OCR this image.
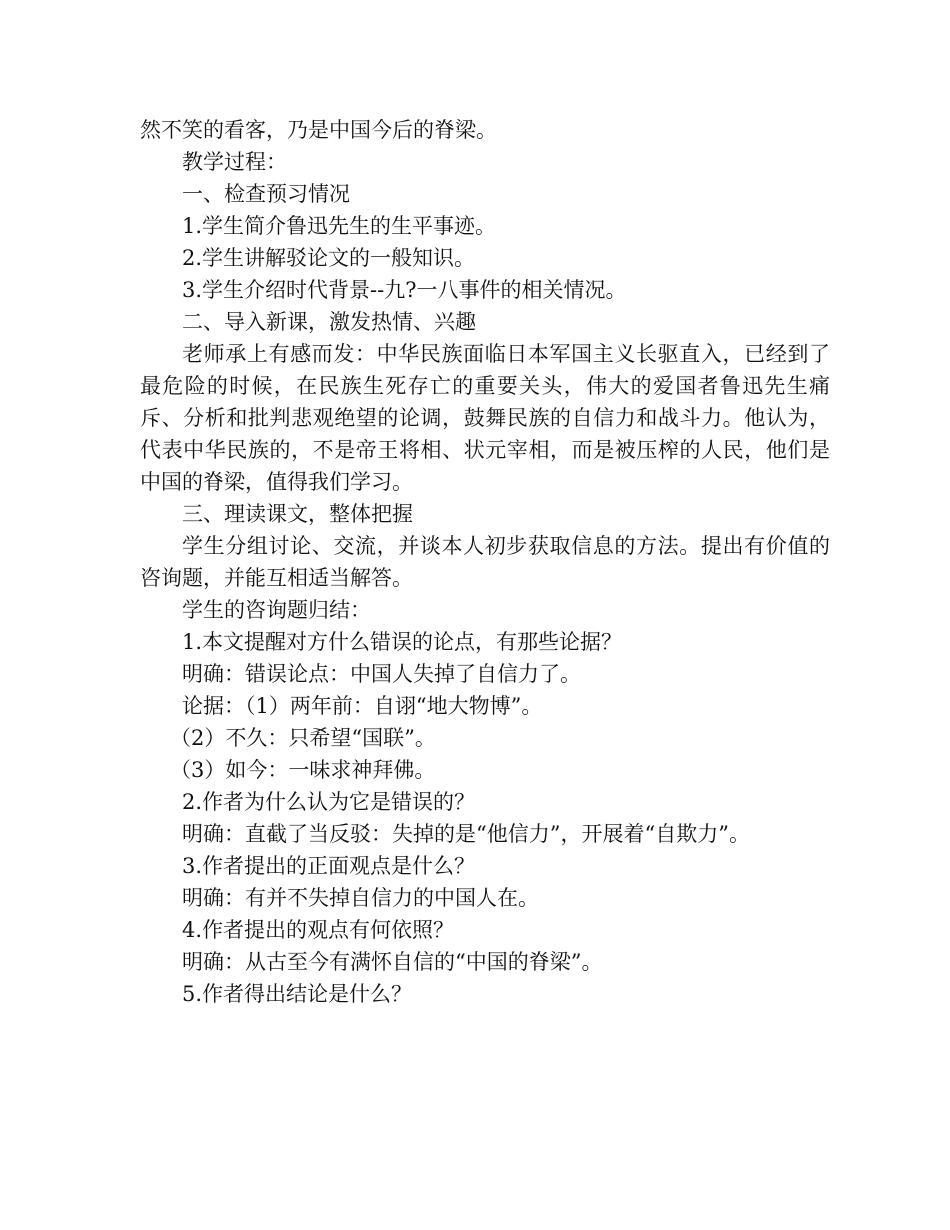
然不笑的看客，乃是中国今后的脊梁。

教学过程：

一、检查预习情况

1.学生简介鲁迅先生的生平事迹。

2.学生讲解驳论文的一般知识。

3.学生介绍时代背景--九?一八事件的相关情况。

二、导入新课，激发热情、兴趣

老师承上有感而发：中华民族面临日本军国主义长驱直入，已经到了最危险的时候，在民族生死存亡的重要关头，伟大的爱国者鲁迅先生痛斥、分析和批判悲观绝望的论调，鼓舞民族的自信力和战斗力。他认为，代表中华民族的，不是帝王将相、状元宰相，而是被压榨的人民，他们是中国的脊梁，值得我们学习。

三、理读课文，整体把握

学生分组讨论、交流，并谈本人初步获取信息的方法。提出有价值的咨询题，并能互相适当解答。

学生的咨询题归结：

1.本文提醒对方什么错误的论点，有那些论据？

明确：错误论点：中国人失掉了自信力了。

论据：（1）两年前：自诩“地大物博”。

（2）不久：只希望“国联”。

（3）如今：一味求神拜佛。

2.作者为什么认为它是错误的？

明确：直截了当反驳：失掉的是“他信力”，开展着“自欺力”。

3.作者提出的正面观点是什么？

明确：有并不失掉自信力的中国人在。

4.作者提出的观点有何依照？

明确：从古至今有满怀自信的“中国的脊梁”。

5.作者得出结论是什么？
